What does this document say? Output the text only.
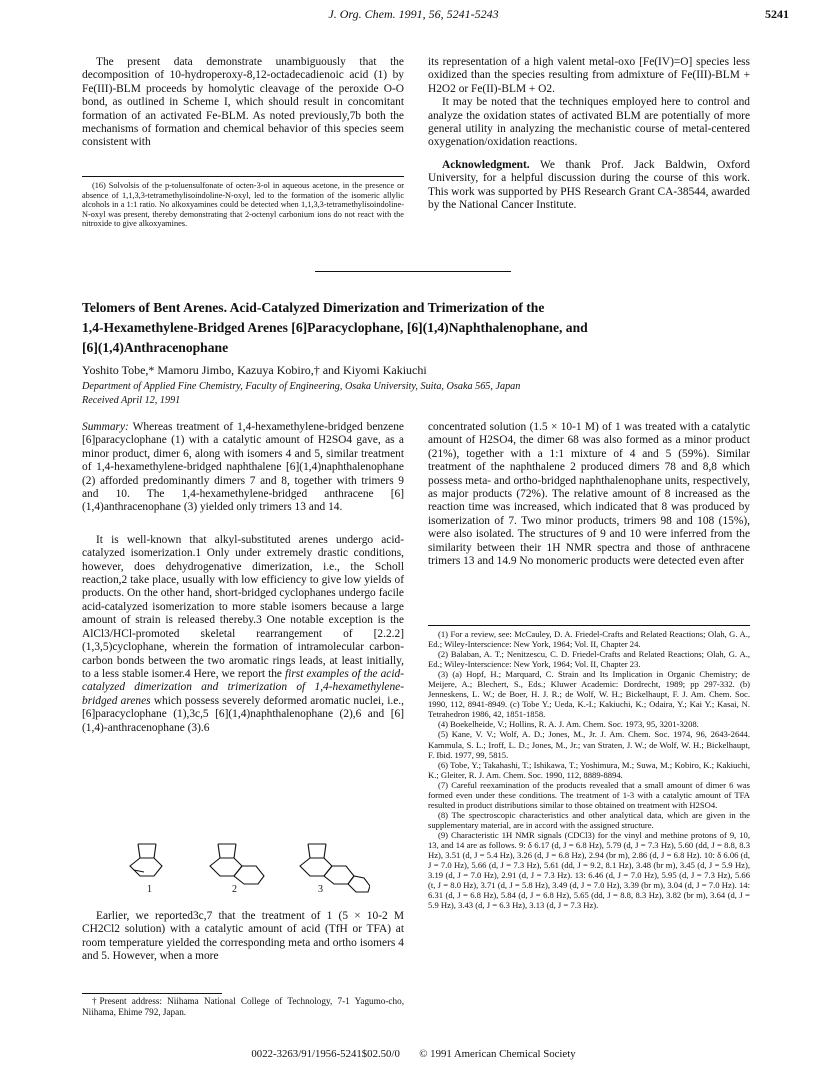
J. Org. Chem. 1991, 56, 5241-5243	5241

The present data demonstrate unambiguously that the decomposition of 10-hydroperoxy-8,12-octadecadienoic acid (1) by Fe(III)-BLM proceeds by homolytic cleavage of the peroxide O-O bond, as outlined in Scheme I, which should result in concomitant formation of an activated Fe-BLM. As noted previously,7b both the mechanisms of formation and chemical behavior of this species seem consistent with

(16) Solvolsis of the p-toluensulfonate of octen-3-ol in aqueous acetone, in the presence or absence of 1,1,3,3-tetramethylisoindoline-N-oxyl, led to the formation of the isomeric allylic alcohols in a 1:1 ratio. No alkoxyamines could be detected when 1,1,3,3-tetramethylisoindoline-N-oxyl was present, thereby demonstrating that 2-octenyl carbonium ions do not react with the nitroxide to give alkoxyamines.

its representation of a high valent metal-oxo [Fe(IV)=O] species less oxidized than the species resulting from admixture of Fe(III)-BLM + H2O2 or Fe(II)-BLM + O2.

It may be noted that the techniques employed here to control and analyze the oxidation states of activated BLM are potentially of more general utility in analyzing the mechanistic course of metal-centered oxygenation/oxidation reactions.

Acknowledgment. We thank Prof. Jack Baldwin, Oxford University, for a helpful discussion during the course of this work. This work was supported by PHS Research Grant CA-38544, awarded by the National Cancer Institute.

Telomers of Bent Arenes. Acid-Catalyzed Dimerization and Trimerization of the
1,4-Hexamethylene-Bridged Arenes [6]Paracyclophane, [6](1,4)Naphthalenophane, and
[6](1,4)Anthracenophane
Yoshito Tobe,* Mamoru Jimbo, Kazuya Kobiro,† and Kiyomi Kakiuchi
Department of Applied Fine Chemistry, Faculty of Engineering, Osaka University, Suita, Osaka 565, Japan
Received April 12, 1991

Summary: Whereas treatment of 1,4-hexamethylene-bridged benzene [6]paracyclophane (1) with a catalytic amount of H2SO4 gave, as a minor product, dimer 6, along with isomers 4 and 5, similar treatment of 1,4-hexamethylene-bridged naphthalene [6](1,4)naphthalenophane (2) afforded predominantly dimers 7 and 8, together with trimers 9 and 10. The 1,4-hexamethylene-bridged anthracene [6](1,4)anthracenophane (3) yielded only trimers 13 and 14.

It is well-known that alkyl-substituted arenes undergo acid-catalyzed isomerization.1 Only under extremely drastic conditions, however, does dehydrogenative dimerization, i.e., the Scholl reaction,2 take place, usually with low efficiency to give low yields of products. On the other hand, short-bridged cyclophanes undergo facile acid-catalyzed isomerization to more stable isomers because a large amount of strain is released thereby.3 One notable exception is the AlCl3/HCl-promoted skeletal rearrangement of [2.2.2](1,3,5)cyclophane, wherein the formation of intramolecular carbon-carbon bonds between the two aromatic rings leads, at least initially, to a less stable isomer.4 Here, we report the first examples of the acid-catalyzed dimerization and trimerization of 1,4-hexamethylene-bridged arenes which possess severely deformed aromatic nuclei, i.e., [6]paracyclophane (1),3c,5 [6](1,4)naphthalenophane (2),6 and [6](1,4)-anthracenophane (3).6

1	2	3

Earlier, we reported3c,7 that the treatment of 1 (5 × 10-2 M CH2Cl2 solution) with a catalytic amount of acid (TfH or TFA) at room temperature yielded the corresponding meta and ortho isomers 4 and 5. However, when a more

†Present address: Niihama National College of Technology, 7-1 Yagumo-cho, Niihama, Ehime 792, Japan.

concentrated solution (1.5 × 10-1 M) of 1 was treated with a catalytic amount of H2SO4, the dimer 68 was also formed as a minor product (21%), together with a 1:1 mixture of 4 and 5 (59%). Similar treatment of the naphthalene 2 produced dimers 78 and 8,8 which possess meta- and ortho-bridged naphthalenophane units, respectively, as major products (72%). The relative amount of 8 increased as the reaction time was increased, which indicated that 8 was produced by isomerization of 7. Two minor products, trimers 98 and 108 (15%), were also isolated. The structures of 9 and 10 were inferred from the similarity between their 1H NMR spectra and those of anthracene trimers 13 and 14.9 No monomeric products were detected even after

(1) For a review, see: McCauley, D. A. Friedel-Crafts and Related Reactions; Olah, G. A., Ed.; Wiley-Interscience: New York, 1964; Vol. II, Chapter 24.

(2) Balaban, A. T.; Nenitzescu, C. D. Friedel-Crafts and Related Reactions; Olah, G. A., Ed.; Wiley-Interscience: New York, 1964; Vol. II, Chapter 23.

(3) (a) Hopf, H.; Marquard, C. Strain and Its Implication in Organic Chemistry; de Meijere, A.; Blechert, S., Eds.; Kluwer Academic: Dordrecht, 1989; pp 297-332. (b) Jenneskens, L. W.; de Boer, H. J. R.; de Wolf, W. H.; Bickelhaupt, F. J. Am. Chem. Soc. 1990, 112, 8941-8949. (c) Tobe Y.; Ueda, K.-I.; Kakiuchi, K.; Odaira, Y.; Kai Y.; Kasai, N. Tetrahedron 1986, 42, 1851-1858.

(4) Boekelheide, V.; Hollins, R. A. J. Am. Chem. Soc. 1973, 95, 3201-3208.

(5) Kane, V. V.; Wolf, A. D.; Jones, M., Jr. J. Am. Chem. Soc. 1974, 96, 2643-2644. Kammula, S. L.; Iroff, L. D.; Jones, M., Jr.; van Straten, J. W.; de Wolf, W. H.; Bickelhaupt, F. Ibid. 1977, 99, 5815.

(6) Tobe, Y.; Takahashi, T.; Ishikawa, T.; Yoshimura, M.; Suwa, M.; Kobiro, K.; Kakiuchi, K.; Gleiter, R. J. Am. Chem. Soc. 1990, 112, 8889-8894.

(7) Careful reexamination of the products revealed that a small amount of dimer 6 was formed even under these conditions. The treatment of 1-3 with a catalytic amount of TFA resulted in product distributions similar to those obtained on treatment with H2SO4.

(8) The spectroscopic characteristics and other analytical data, which are given in the supplementary material, are in accord with the assigned structure.

(9) Characteristic 1H NMR signals (CDCl3) for the vinyl and methine protons of 9, 10, 13, and 14 are as follows. 9: δ 6.17 (d, J = 6.8 Hz), 5.79 (d, J = 7.3 Hz), 5.60 (dd, J = 8.8, 8.3 Hz), 3.51 (d, J = 5.4 Hz), 3.26 (d, J = 6.8 Hz), 2.94 (br m), 2.86 (d, J = 6.8 Hz). 10: δ 6.06 (d, J = 7.0 Hz), 5.66 (d, J = 7.3 Hz), 5.61 (dd, J = 9.2, 8.1 Hz), 3.48 (br m), 3.45 (d, J = 5.9 Hz), 3.19 (d, J = 7.0 Hz), 2.91 (d, J = 7.3 Hz). 13: 6.46 (d, J = 7.0 Hz), 5.95 (d, J = 7.3 Hz), 5.66 (t, J = 8.0 Hz), 3.71 (d, J = 5.8 Hz), 3.49 (d, J = 7.0 Hz), 3.39 (br m), 3.04 (d, J = 7.0 Hz). 14: 6.31 (d, J = 6.8 Hz), 5.84 (d, J = 6.8 Hz), 5.65 (dd, J = 8.8, 8.3 Hz), 3.82 (br m), 3.64 (d, J = 5.9 Hz), 3.43 (d, J = 6.3 Hz), 3.13 (d, J = 7.3 Hz).

0022-3263/91/1956-5241$02.50/0 © 1991 American Chemical Society
